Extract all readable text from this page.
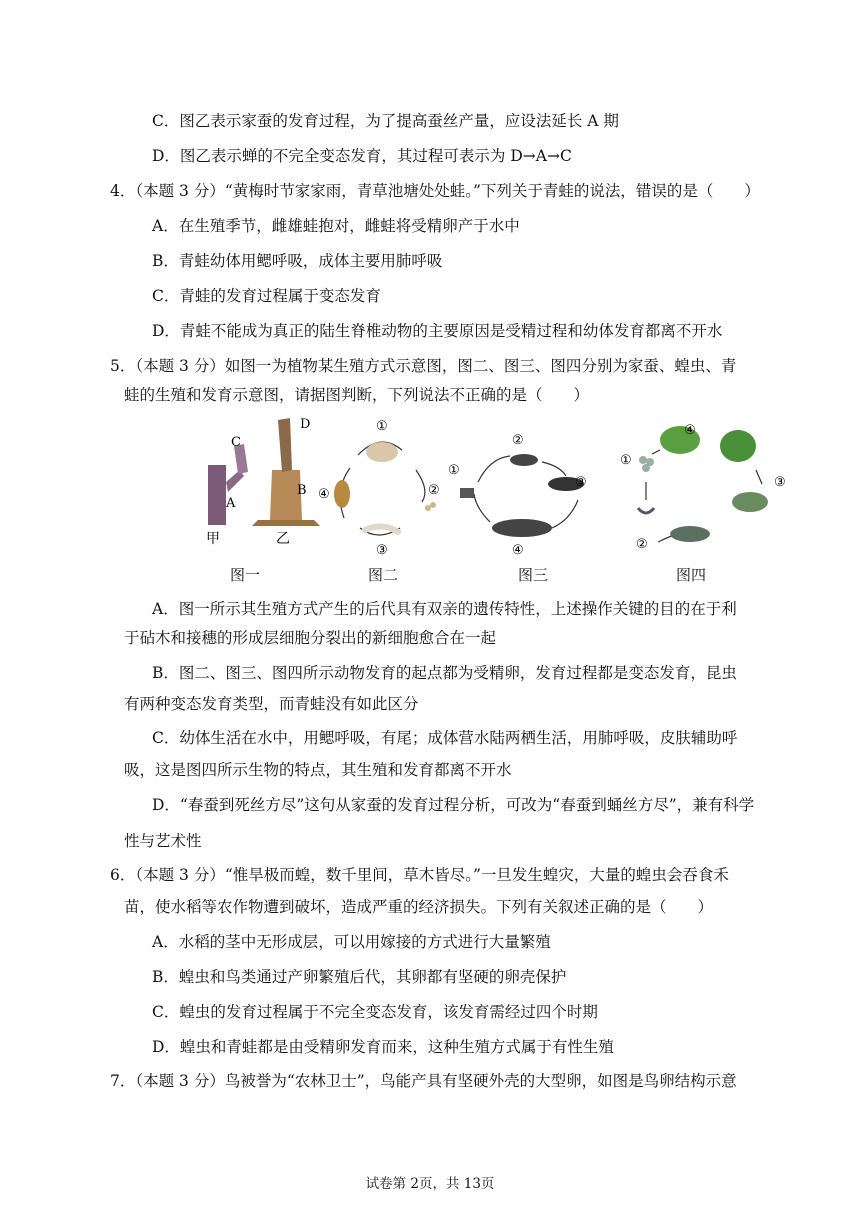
C．图乙表示家蚕的发育过程，为了提高蚕丝产量，应设法延长 A 期
D．图乙表示蝉的不完全变态发育，其过程可表示为 D→A→C
4．（本题 3 分）“黄梅时节家家雨，青草池塘处处蛙。”下列关于青蛙的说法，错误的是（　　）
A．在生殖季节，雌雄蛙抱对，雌蛙将受精卵产于水中
B．青蛙幼体用鳃呼吸，成体主要用肺呼吸
C．青蛙的发育过程属于变态发育
D．青蛙不能成为真正的陆生脊椎动物的主要原因是受精过程和幼体发育都离不开水
5．（本题 3 分）如图一为植物某生殖方式示意图，图二、图三、图四分别为家蚕、蝗虫、青
蛙的生殖和发育示意图，请据图判断，下列说法不正确的是（　　）
C
A
B
D
甲	乙
①
②
③
④
①
②
③
④
①
②
③
④
图一	图二	图三	图四
A．图一所示其生殖方式产生的后代具有双亲的遗传特性，上述操作关键的目的在于利
于砧木和接穗的形成层细胞分裂出的新细胞愈合在一起
B．图二、图三、图四所示动物发育的起点都为受精卵，发育过程都是变态发育，昆虫
有两种变态发育类型，而青蛙没有如此区分
C．幼体生活在水中，用鳃呼吸，有尾；成体营水陆两栖生活，用肺呼吸，皮肤辅助呼
吸，这是图四所示生物的特点，其生殖和发育都离不开水
D．“春蚕到死丝方尽”这句从家蚕的发育过程分析，可改为“春蚕到蛹丝方尽”，兼有科学
性与艺术性
6．（本题 3 分）“惟旱极而蝗，数千里间，草木皆尽。”一旦发生蝗灾，大量的蝗虫会吞食禾
苗，使水稻等农作物遭到破坏，造成严重的经济损失。下列有关叙述正确的是（　　）
A．水稻的茎中无形成层，可以用嫁接的方式进行大量繁殖
B．蝗虫和鸟类通过产卵繁殖后代，其卵都有坚硬的卵壳保护
C．蝗虫的发育过程属于不完全变态发育，该发育需经过四个时期
D．蝗虫和青蛙都是由受精卵发育而来，这种生殖方式属于有性生殖
7．（本题 3 分）鸟被誉为“农林卫士”，鸟能产具有坚硬外壳的大型卵，如图是鸟卵结构示意
试卷第 2页，共 13页
